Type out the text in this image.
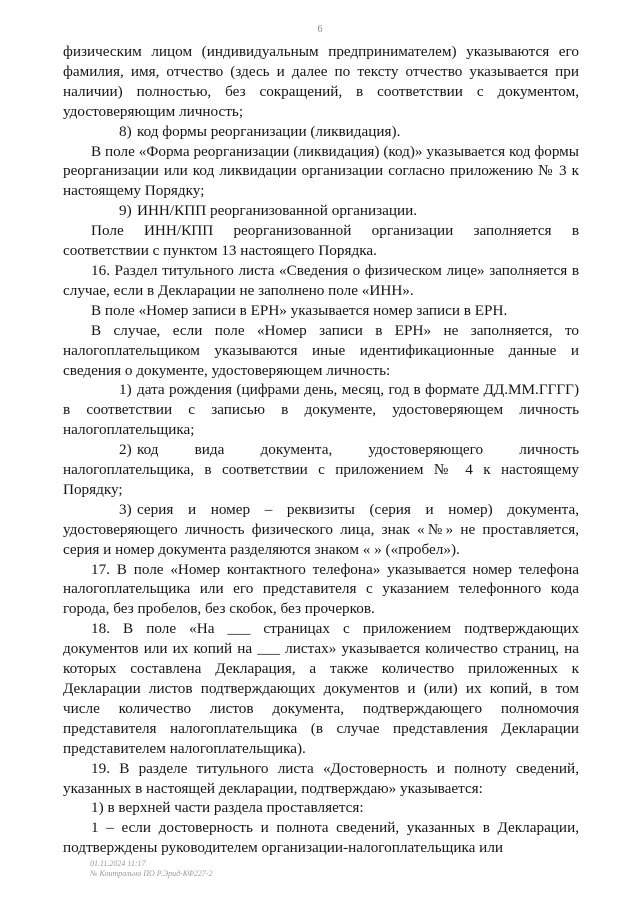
6

физическим лицом (индивидуальным предпринимателем) указываются его фамилия, имя, отчество (здесь и далее по тексту отчество указывается при наличии) полностью, без сокращений, в соответствии с документом, удостоверяющим личность;

8) код формы реорганизации (ликвидация).

В поле «Форма реорганизации (ликвидация) (код)» указывается код формы реорганизации или код ликвидации организации согласно приложению № 3 к настоящему Порядку;

9) ИНН/КПП реорганизованной организации.

Поле ИНН/КПП реорганизованной организации заполняется в соответствии с пунктом 13 настоящего Порядка.

16. Раздел титульного листа «Сведения о физическом лице» заполняется в случае, если в Декларации не заполнено поле «ИНН».

В поле «Номер записи в ЕРН» указывается номер записи в ЕРН.

В случае, если поле «Номер записи в ЕРН» не заполняется, то налогоплательщиком указываются иные идентификационные данные и сведения о документе, удостоверяющем личность:

1) дата рождения (цифрами день, месяц, год в формате ДД.ММ.ГГГГ) в соответствии с записью в документе, удостоверяющем личность налогоплательщика;

2) код вида документа, удостоверяющего личность налогоплательщика, в соответствии с приложением № 4 к настоящему Порядку;

3) серия и номер – реквизиты (серия и номер) документа, удостоверяющего личность физического лица, знак «№» не проставляется, серия и номер документа разделяются знаком « » («пробел»).

17. В поле «Номер контактного телефона» указывается номер телефона налогоплательщика или его представителя с указанием телефонного кода города, без пробелов, без скобок, без прочерков.

18. В поле «На ___ страницах с приложением подтверждающих документов или их копий на ___ листах» указывается количество страниц, на которых составлена Декларация, а также количество приложенных к Декларации листов подтверждающих документов и (или) их копий, в том числе количество листов документа, подтверждающего полномочия представителя налогоплательщика (в случае представления Декларации представителем налогоплательщика).

19. В разделе титульного листа «Достоверность и полноту сведений, указанных в настоящей декларации, подтверждаю» указывается:

1) в верхней части раздела проставляется:

1 – если достоверность и полнота сведений, указанных в Декларации, подтверждены руководителем организации-налогоплательщика или

01.11.2024 11:17
№ Контрольно ПО Р.Эрид-КФ227-2
